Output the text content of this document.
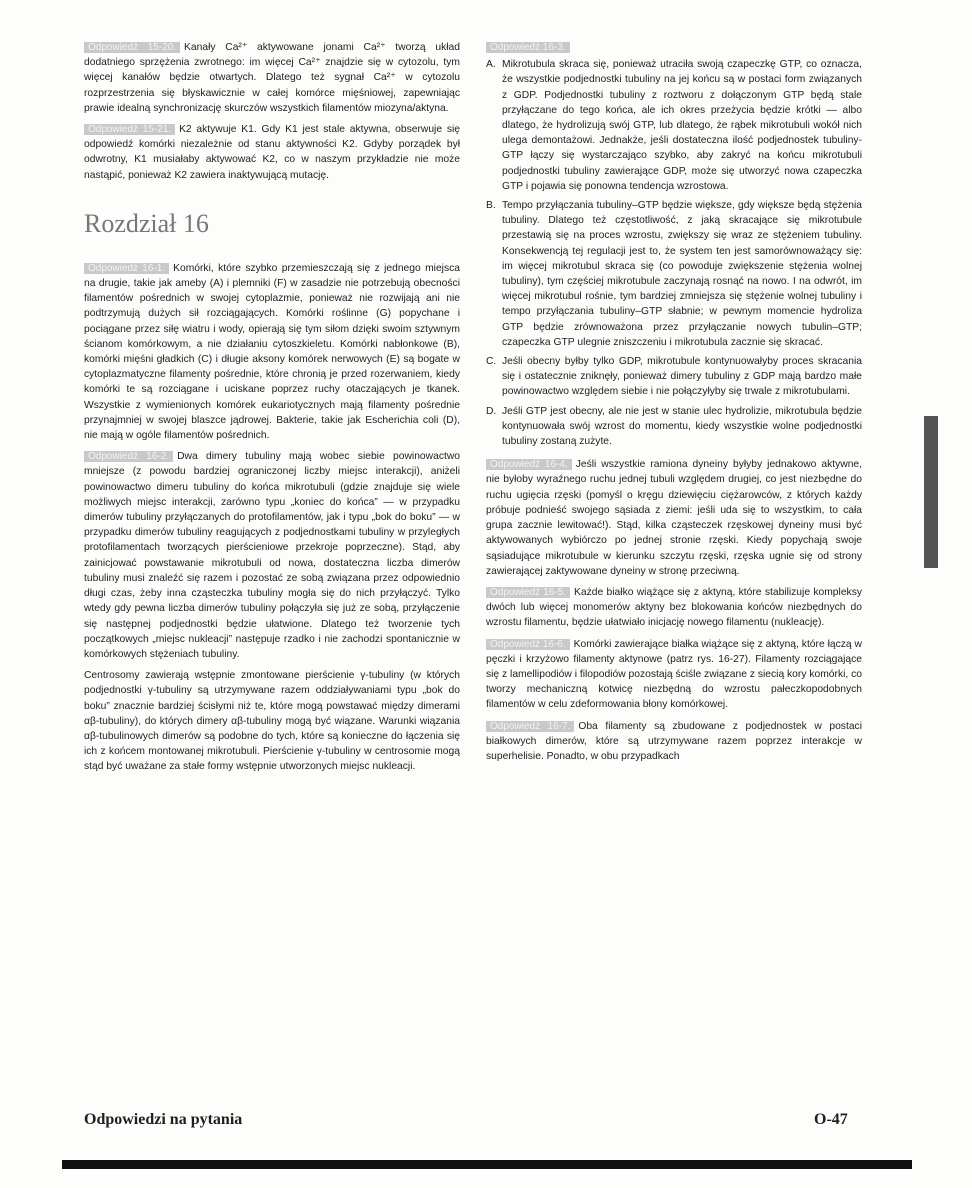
Odpowiedź 15-20. Kanały Ca²⁺ aktywowane jonami Ca²⁺ tworzą układ dodatniego sprzężenia zwrotnego: im więcej Ca²⁺ znajdzie się w cytozolu, tym więcej kanałów będzie otwartych. Dlatego też sygnał Ca²⁺ w cytozolu rozprzestrzenia się błyskawicznie w całej komórce mięśniowej, zapewniając prawie idealną synchronizację skurczów wszystkich filamentów miozyna/aktyna.

Odpowiedź 15-21. K2 aktywuje K1. Gdy K1 jest stale aktywna, obserwuje się odpowiedź komórki niezależnie od stanu aktywności K2. Gdyby porządek był odwrotny, K1 musiałaby aktywować K2, co w naszym przykładzie nie może nastąpić, ponieważ K2 zawiera inaktywującą mutację.

Rozdział 16

Odpowiedź 16-1. Komórki, które szybko przemieszczają się z jednego miejsca na drugie, takie jak ameby (A) i plemniki (F) w zasadzie nie potrzebują obecności filamentów pośrednich w swojej cytoplazmie, ponieważ nie rozwijają ani nie podtrzymują dużych sił rozciągających. Komórki roślinne (G) popychane i pociągane przez siłę wiatru i wody, opierają się tym siłom dzięki swoim sztywnym ścianom komórkowym, a nie działaniu cytoszkieletu. Komórki nabłonkowe (B), komórki mięśni gładkich (C) i długie aksony komórek nerwowych (E) są bogate w cytoplazmatyczne filamenty pośrednie, które chronią je przed rozerwaniem, kiedy komórki te są rozciągane i uciskane poprzez ruchy otaczających je tkanek. Wszystkie z wymienionych komórek eukariotycznych mają filamenty pośrednie przynajmniej w swojej blaszce jądrowej. Bakterie, takie jak Escherichia coli (D), nie mają w ogóle filamentów pośrednich.

Odpowiedź 16-2. Dwa dimery tubuliny mają wobec siebie powinowactwo mniejsze (z powodu bardziej ograniczonej liczby miejsc interakcji), aniżeli powinowactwo dimeru tubuliny do końca mikrotubuli (gdzie znajduje się wiele możliwych miejsc interakcji, zarówno typu „koniec do końca” — w przypadku dimerów tubuliny przyłączanych do protofilamentów, jak i typu „bok do boku” — w przypadku dimerów tubuliny reagujących z podjednostkami tubuliny w przyległych protofilamentach tworzących pierścieniowe przekroje poprzeczne). Stąd, aby zainicjować powstawanie mikrotubuli od nowa, dostateczna liczba dimerów tubuliny musi znaleźć się razem i pozostać ze sobą związana przez odpowiednio długi czas, żeby inna cząsteczka tubuliny mogła się do nich przyłączyć. Tylko wtedy gdy pewna liczba dimerów tubuliny połączyła się już ze sobą, przyłączenie się następnej podjednostki będzie ułatwione. Dlatego też tworzenie tych początkowych „miejsc nukleacji” następuje rzadko i nie zachodzi spontanicznie w komórkowych stężeniach tubuliny.

Centrosomy zawierają wstępnie zmontowane pierścienie γ-tubuliny (w których podjednostki γ-tubuliny są utrzymywane razem oddziaływaniami typu „bok do boku” znacznie bardziej ścisłymi niż te, które mogą powstawać między dimerami αβ-tubuliny), do których dimery αβ-tubuliny mogą być wiązane. Warunki wiązania αβ-tubulinowych dimerów są podobne do tych, które są konieczne do łączenia się ich z końcem montowanej mikrotubuli. Pierścienie γ-tubuliny w centrosomie mogą stąd być uważane za stałe formy wstępnie utworzonych miejsc nukleacji.

Odpowiedź 16-3.

A. Mikrotubula skraca się, ponieważ utraciła swoją czapeczkę GTP, co oznacza, że wszystkie podjednostki tubuliny na jej końcu są w postaci form związanych z GDP. Podjednostki tubuliny z roztworu z dołączonym GTP będą stale przyłączane do tego końca, ale ich okres przeżycia będzie krótki — albo dlatego, że hydrolizują swój GTP, lub dlatego, że rąbek mikrotubuli wokół nich ulega demontażowi. Jednakże, jeśli dostateczna ilość podjednostek tubuliny-GTP łączy się wystarczająco szybko, aby zakryć na końcu mikrotubuli podjednostki tubuliny zawierające GDP, może się utworzyć nowa czapeczka GTP i pojawia się ponowna tendencja wzrostowa.
B. Tempo przyłączania tubuliny–GTP będzie większe, gdy większe będą stężenia tubuliny. Dlatego też częstotliwość, z jaką skracające się mikrotubule przestawią się na proces wzrostu, zwiększy się wraz ze stężeniem tubuliny. Konsekwencją tej regulacji jest to, że system ten jest samorównoważący się: im więcej mikrotubul skraca się (co powoduje zwiększenie stężenia wolnej tubuliny), tym częściej mikrotubule zaczynają rosnąć na nowo. I na odwrót, im więcej mikrotubul rośnie, tym bardziej zmniejsza się stężenie wolnej tubuliny i tempo przyłączania tubuliny–GTP słabnie; w pewnym momencie hydroliza GTP będzie zrównoważona przez przyłączanie nowych tubulin–GTP; czapeczka GTP ulegnie zniszczeniu i mikrotubula zacznie się skracać.
C. Jeśli obecny byłby tylko GDP, mikrotubule kontynuowałyby proces skracania się i ostatecznie zniknęły, ponieważ dimery tubuliny z GDP mają bardzo małe powinowactwo względem siebie i nie połączyłyby się trwale z mikrotubulami.
D. Jeśli GTP jest obecny, ale nie jest w stanie ulec hydrolizie, mikrotubula będzie kontynuowała swój wzrost do momentu, kiedy wszystkie wolne podjednostki tubuliny zostaną zużyte.

Odpowiedź 16-4. Jeśli wszystkie ramiona dyneiny byłyby jednakowo aktywne, nie byłoby wyraźnego ruchu jednej tubuli względem drugiej, co jest niezbędne do ruchu ugięcia rzęski (pomyśl o kręgu dziewięciu ciężarowców, z których każdy próbuje podnieść swojego sąsiada z ziemi: jeśli uda się to wszystkim, to cała grupa zacznie lewitować!). Stąd, kilka cząsteczek rzęskowej dyneiny musi być aktywowanych wybiórczo po jednej stronie rzęski. Kiedy popychają swoje sąsiadujące mikrotubule w kierunku szczytu rzęski, rzęska ugnie się od strony zawierającej zaktywowane dyneiny w stronę przeciwną.

Odpowiedź 16-5. Każde białko wiążące się z aktyną, które stabilizuje kompleksy dwóch lub więcej monomerów aktyny bez blokowania końców niezbędnych do wzrostu filamentu, będzie ułatwiało inicjację nowego filamentu (nukleację).

Odpowiedź 16-6. Komórki zawierające białka wiążące się z aktyną, które łączą w pęczki i krzyżowo filamenty aktynowe (patrz rys. 16-27). Filamenty rozciągające się z lamellipodiów i filopodiów pozostają ściśle związane z siecią kory komórki, co tworzy mechaniczną kotwicę niezbędną do wzrostu pałeczkopodobnych filamentów w celu zdeformowania błony komórkowej.

Odpowiedź 16-7. Oba filamenty są zbudowane z podjednostek w postaci białkowych dimerów, które są utrzymywane razem poprzez interakcje w superhelisie. Ponadto, w obu przypadkach

Odpowiedzi na pytania	O-47
